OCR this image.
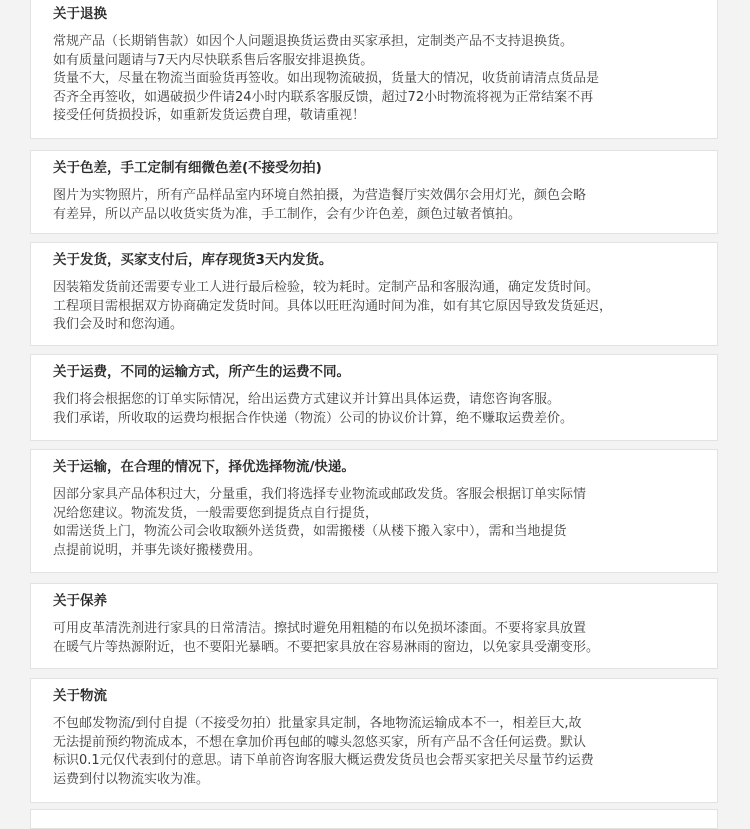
关于退换

常规产品（长期销售款）如因个人问题退换货运费由买家承担，定制类产品不支持退换货。

如有质量问题请与7天内尽快联系售后客服安排退换货。

货量不大，尽量在物流当面验货再签收。如出现物流破损，货量大的情况，收货前请清点货品是
否齐全再签收，如遇破损少件请24小时内联系客服反馈，超过72小时物流将视为正常结案不再
接受任何货损投诉，如重新发货运费自理，敬请重视！

关于色差，手工定制有细微色差(不接受勿拍)

图片为实物照片，所有产品样品室内环境自然拍摄，为营造餐厅实效偶尔会用灯光，颜色会略
有差异，所以产品以收货实货为准，手工制作，会有少许色差，颜色过敏者慎拍。

关于发货，买家支付后，库存现货3天内发货。

因装箱发货前还需要专业工人进行最后检验，较为耗时。定制产品和客服沟通，确定发货时间。

工程项目需根据双方协商确定发货时间。具体以旺旺沟通时间为准，如有其它原因导致发货延迟，
我们会及时和您沟通。

关于运费，不同的运输方式，所产生的运费不同。

我们将会根据您的订单实际情况，给出运费方式建议并计算出具体运费，请您咨询客服。

我们承诺，所收取的运费均根据合作快递（物流）公司的协议价计算，绝不赚取运费差价。

关于运输，在合理的情况下，择优选择物流/快递。

因部分家具产品体积过大，分量重，我们将选择专业物流或邮政发货。客服会根据订单实际情
况给您建议。物流发货，一般需要您到提货点自行提货，

如需送货上门，物流公司会收取额外送货费，如需搬楼（从楼下搬入家中），需和当地提货
点提前说明，并事先谈好搬楼费用。

关于保养

可用皮革清洗剂进行家具的日常清洁。擦拭时避免用粗糙的布以免损坏漆面。不要将家具放置
在暖气片等热源附近，也不要阳光暴晒。不要把家具放在容易淋雨的窗边，以免家具受潮变形。

关于物流

不包邮发物流/到付自提（不接受勿拍）批量家具定制，各地物流运输成本不一，相差巨大,故
无法提前预约物流成本，不想在拿加价再包邮的噱头忽悠买家，所有产品不含任何运费。默认
标识0.1元仅代表到付的意思。请下单前咨询客服大概运费发货员也会帮买家把关尽量节约运费
运费到付以物流实收为准。
